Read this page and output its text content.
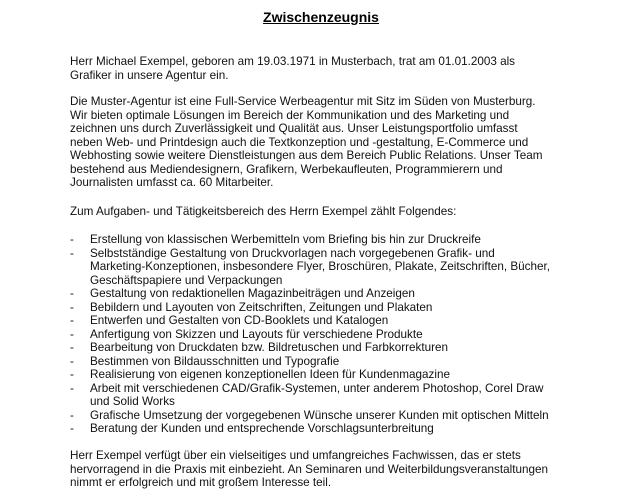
Zwischenzeugnis
Herr Michael Exempel, geboren am 19.03.1971 in Musterbach, trat am 01.01.2003 als
Grafiker in unsere Agentur ein.
Die Muster-Agentur ist eine Full-Service Werbeagentur mit Sitz im Süden von Musterburg.
Wir bieten optimale Lösungen im Bereich der Kommunikation und des Marketing und
zeichnen uns durch Zuverlässigkeit und Qualität aus. Unser Leistungsportfolio umfasst
neben Web- und Printdesign auch die Textkonzeption und -gestaltung, E-Commerce und
Webhosting sowie weitere Dienstleistungen aus dem Bereich Public Relations. Unser Team
bestehend aus Mediendesignern, Grafikern, Werbekaufleuten, Programmierern und
Journalisten umfasst ca. 60 Mitarbeiter.
Zum Aufgaben- und Tätigkeitsbereich des Herrn Exempel zählt Folgendes:
- Erstellung von klassischen Werbemitteln vom Briefing bis hin zur Druckreife
- Selbstständige Gestaltung von Druckvorlagen nach vorgegebenen Grafik- und
Marketing-Konzeptionen, insbesondere Flyer, Broschüren, Plakate, Zeitschriften, Bücher,
Geschäftspapiere und Verpackungen
- Gestaltung von redaktionellen Magazinbeiträgen und Anzeigen
- Bebildern und Layouten von Zeitschriften, Zeitungen und Plakaten
- Entwerfen und Gestalten von CD-Booklets und Katalogen
- Anfertigung von Skizzen und Layouts für verschiedene Produkte
- Bearbeitung von Druckdaten bzw. Bildretuschen und Farbkorrekturen
- Bestimmen von Bildausschnitten und Typografie
- Realisierung von eigenen konzeptionellen Ideen für Kundenmagazine
- Arbeit mit verschiedenen CAD/Grafik-Systemen, unter anderem Photoshop, Corel Draw
und Solid Works
- Grafische Umsetzung der vorgegebenen Wünsche unserer Kunden mit optischen Mitteln
- Beratung der Kunden und entsprechende Vorschlagsunterbreitung
Herr Exempel verfügt über ein vielseitiges und umfangreiches Fachwissen, das er stets
hervorragend in die Praxis mit einbezieht. An Seminaren und Weiterbildungsveranstaltungen
nimmt er erfolgreich und mit großem Interesse teil.
